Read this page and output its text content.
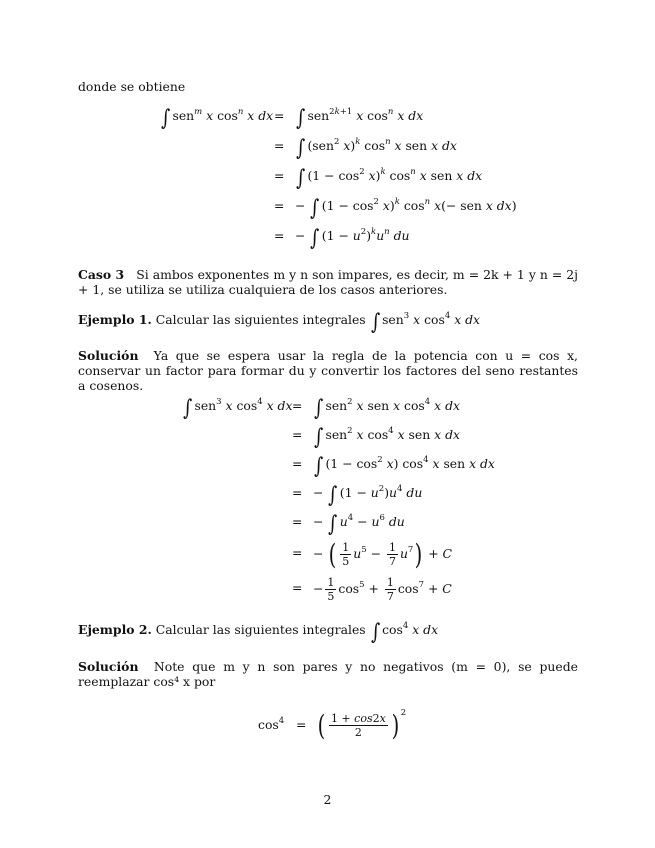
donde se obtiene
∫ sen$^m$ x $\cos^n x$ dx = ∫ sen$^{2k+1}$ x $\cos^n x$ dx
= ∫ (sen$^2$ x)$^k$ $\cos^n x$ sen x dx
= ∫ $(1 - \cos^2 x)^k$ $\cos^n x$ sen x dx
= − ∫ $(1 - \cos^2 x)^k$ $\cos^n x(-$ sen x dx)
= − ∫ $(1 - u^2)^ku^n$ du
Caso 3 Si ambos exponentes m y n son impares, es decir, m = 2k + 1 y n = 2j + 1, se utiliza se utiliza cualquiera de los casos anteriores.
Ejemplo 1. Calcular las siguientes integrales ∫ sen$^3$ x $\cos^4 x$ dx
Solución Ya que se espera usar la regla de la potencia con u = cos x, conservar un factor para formar du y convertir los factores del seno restantes a cosenos.
∫ sen$^3$ x $\cos^4 x$ dx = ∫ sen$^2$ x sen x $\cos^4 x$ dx
= ∫ sen$^2$ x $\cos^4 x$ sen x dx
= ∫ $(1 - \cos^2 x)$ $\cos^4 x$ sen x dx
= − ∫ $(1 - u^2)u^4$ du
= − ∫ $u^4 - u^6$ du
= − ( $\frac{1}{5} u^5 - \frac{1}{7} u^7) + C$
= − $\frac{1}{5} \cos^5 + \frac{1}{7} \cos^7 + C$
Ejemplo 2. Calcular las siguientes integrales ∫ $\cos^4 x$ dx
Solución Note que m y n son pares y no negativos (m = 0), se puede reemplazar cos⁴ x por
$\cos^4$ = ( $\frac{1 + \cos 2x}{2}$ ) $^2$
2
